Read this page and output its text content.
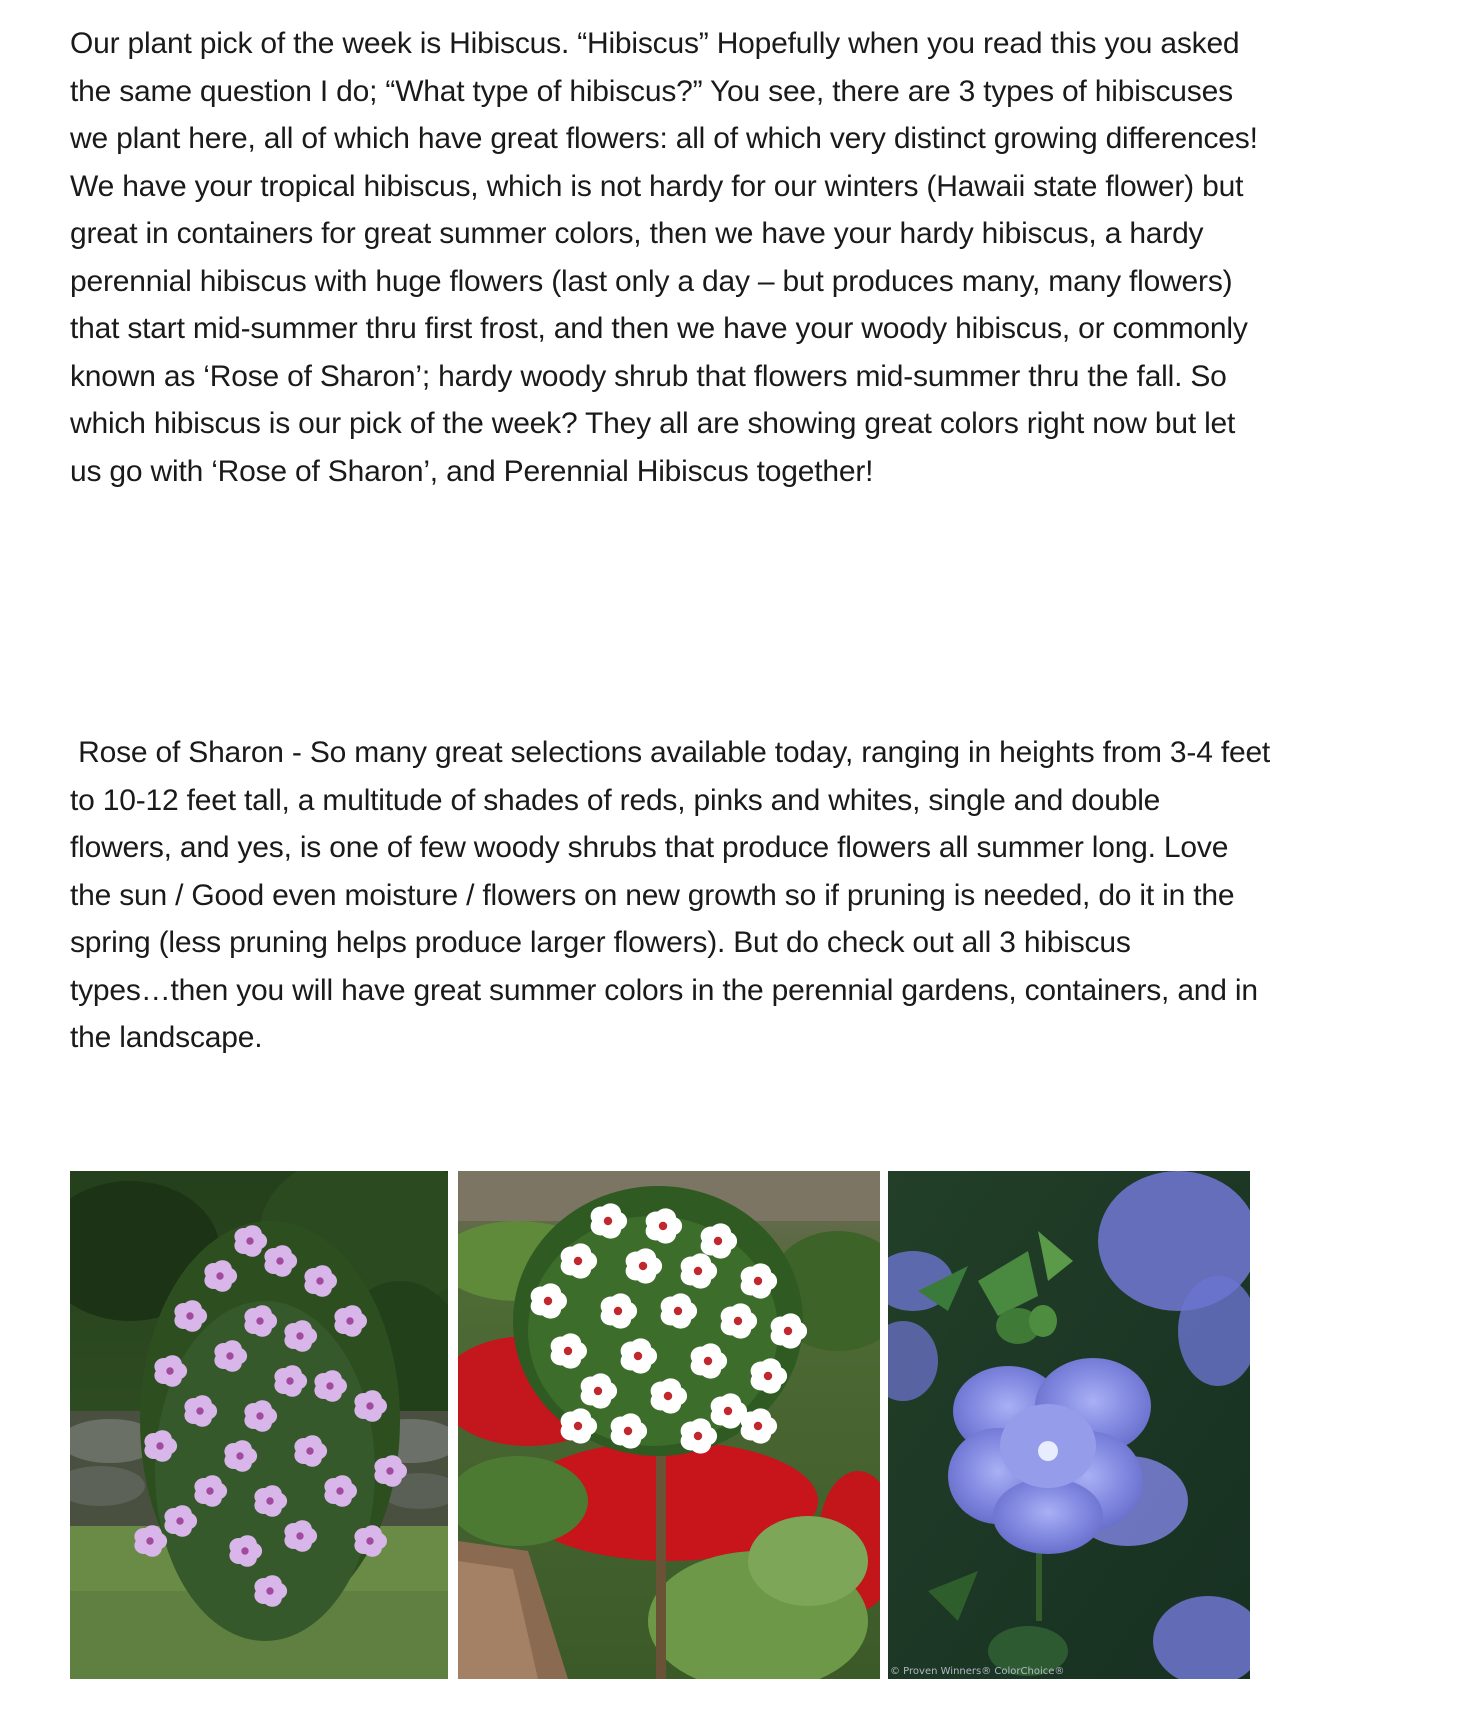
Our plant pick of the week is Hibiscus. “Hibiscus” Hopefully when you read this you asked
the same question I do; “What type of hibiscus?” You see, there are 3 types of hibiscuses
we plant here, all of which have great flowers: all of which very distinct growing differences!
We have your tropical hibiscus, which is not hardy for our winters (Hawaii state flower) but
great in containers for great summer colors, then we have your hardy hibiscus, a hardy
perennial hibiscus with huge flowers (last only a day – but produces many, many flowers)
that start mid-summer thru first frost, and then we have your woody hibiscus, or commonly
known as ‘Rose of Sharon’; hardy woody shrub that flowers mid-summer thru the fall. So
which hibiscus is our pick of the week? They all are showing great colors right now but let
us go with ‘Rose of Sharon’, and Perennial Hibiscus together!

Rose of Sharon - So many great selections available today, ranging in heights from 3-4 feet
to 10-12 feet tall, a multitude of shades of reds, pinks and whites, single and double
flowers, and yes, is one of few woody shrubs that produce flowers all summer long. Love
the sun / Good even moisture / flowers on new growth so if pruning is needed, do it in the
spring (less pruning helps produce larger flowers). But do check out all 3 hibiscus
types…then you will have great summer colors in the perennial gardens, containers, and in
the landscape.

© Proven Winners® ColorChoice®
